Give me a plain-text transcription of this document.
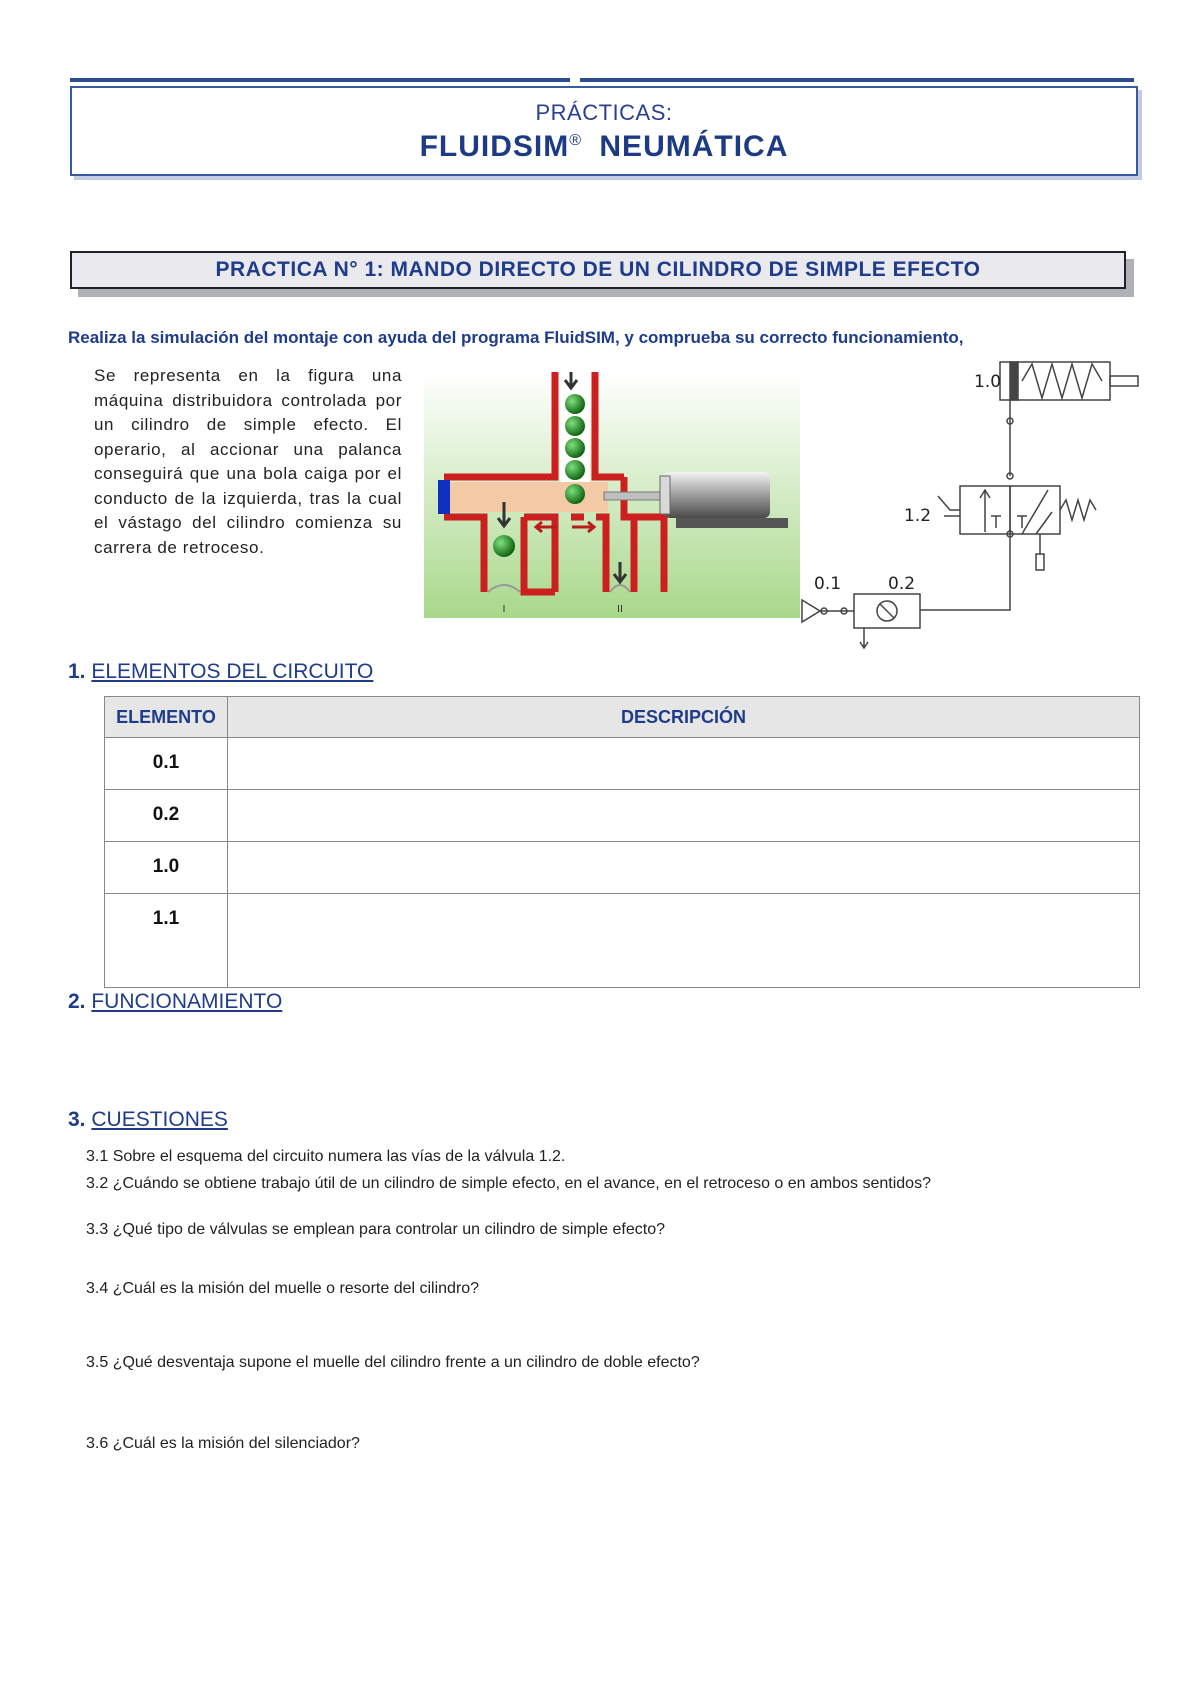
PRÁCTICAS:
FLUIDSIM® NEUMÁTICA
PRACTICA N° 1: MANDO DIRECTO DE UN CILINDRO DE SIMPLE EFECTO
Realiza la simulación del montaje con ayuda del programa FluidSIM, y comprueba su correcto funcionamiento,
Se representa en la figura una máquina distribuidora controlada por un cilindro de simple efecto. El operario, al accionar una palanca conseguirá que una bola caiga por el conducto de la izquierda, tras la cual el vástago del cilindro comienza su carrera de retroceso.
I	II
1.0
1.2
0.1	0.2
1. ELEMENTOS DEL CIRCUITO
ELEMENTO	DESCRIPCIÓN
0.1	
0.2	
1.0	
1.1	
2. FUNCIONAMIENTO
3. CUESTIONES
3.1 Sobre el esquema del circuito numera las vías de la válvula 1.2.
3.2 ¿Cuándo se obtiene trabajo útil de un cilindro de simple efecto, en el avance, en el retroceso o en ambos sentidos?
3.3 ¿Qué tipo de válvulas se emplean para controlar un cilindro de simple efecto?
3.4 ¿Cuál es la misión del muelle o resorte del cilindro?
3.5 ¿Qué desventaja supone el muelle del cilindro frente a un cilindro de doble efecto?
3.6 ¿Cuál es la misión del silenciador?
